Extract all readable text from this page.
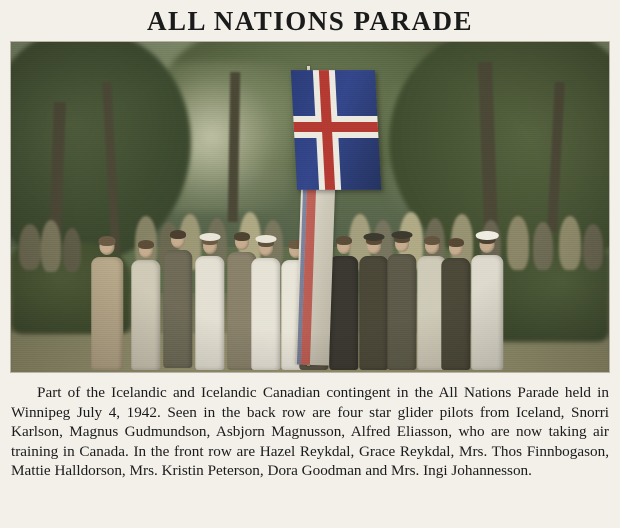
ALL NATIONS PARADE

Part of the Icelandic and Icelandic Canadian contingent in the All Nations Parade held in Winnipeg July 4, 1942. Seen in the back row are four star glider pilots from Iceland, Snorri Karlson, Magnus Gudmundson, Asbjorn Magnusson, Alfred Eliasson, who are now taking air training in Canada. In the front row are Hazel Reykdal, Grace Reykdal, Mrs. Thos Finnbogason, Mattie Halldorson, Mrs. Kristin Peterson, Dora Goodman and Mrs. Ingi Johannesson.
